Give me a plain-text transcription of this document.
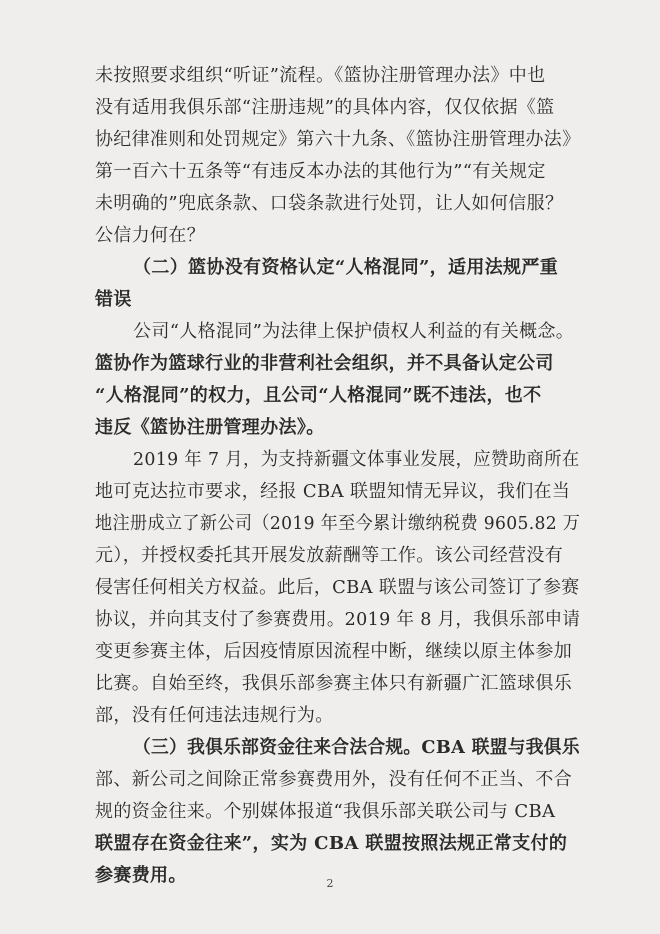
未按照要求组织“听证”流程。《篮协注册管理办法》中也
没有适用我俱乐部“注册违规”的具体内容，仅仅依据《篮
协纪律准则和处罚规定》第六十九条、《篮协注册管理办法》
第一百六十五条等“有违反本办法的其他行为”“有关规定
未明确的”兜底条款、口袋条款进行处罚，让人如何信服？
公信力何在？
（二）篮协没有资格认定“人格混同”，适用法规严重
错误
公司“人格混同”为法律上保护债权人利益的有关概念。
篮协作为篮球行业的非营利社会组织，并不具备认定公司
“人格混同”的权力，且公司“人格混同”既不违法，也不
违反《篮协注册管理办法》。
2019 年 7 月，为支持新疆文体事业发展，应赞助商所在
地可克达拉市要求，经报 CBA 联盟知情无异议，我们在当
地注册成立了新公司（2019 年至今累计缴纳税费 9605.82 万
元），并授权委托其开展发放薪酬等工作。该公司经营没有
侵害任何相关方权益。此后，CBA 联盟与该公司签订了参赛
协议，并向其支付了参赛费用。2019 年 8 月，我俱乐部申请
变更参赛主体，后因疫情原因流程中断，继续以原主体参加
比赛。自始至终，我俱乐部参赛主体只有新疆广汇篮球俱乐
部，没有任何违法违规行为。
（三）我俱乐部资金往来合法合规。CBA 联盟与我俱乐
部、新公司之间除正常参赛费用外，没有任何不正当、不合
规的资金往来。个别媒体报道“我俱乐部关联公司与 CBA
联盟存在资金往来”，实为 CBA 联盟按照法规正常支付的
参赛费用。	2
